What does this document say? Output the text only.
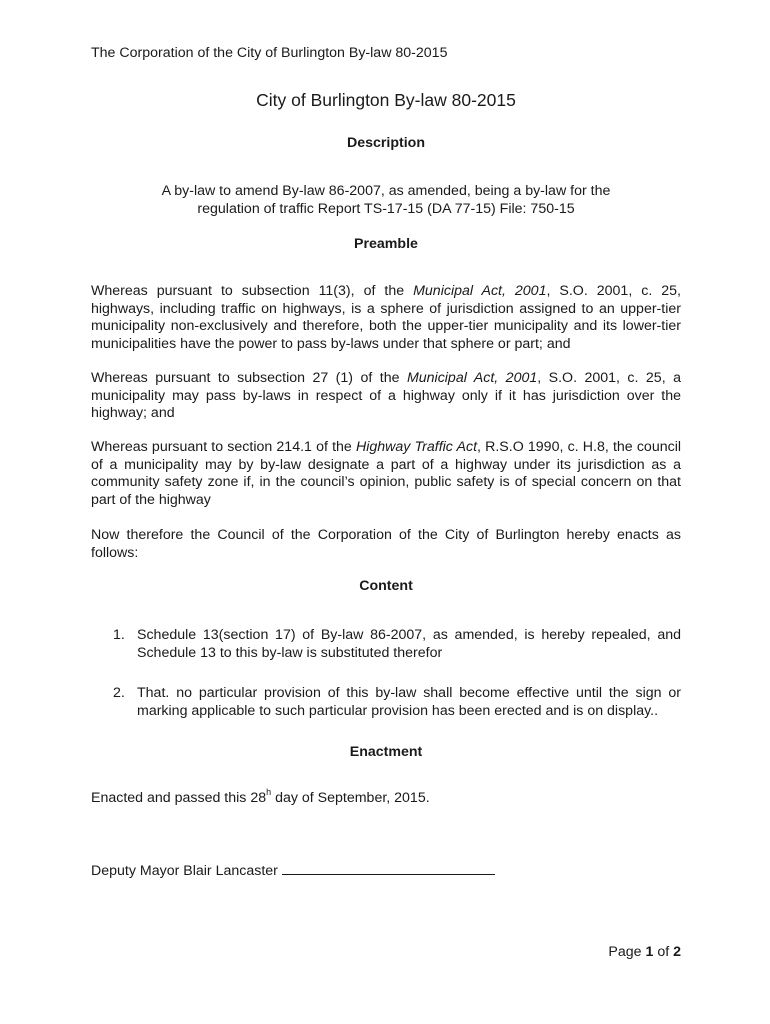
The Corporation of the City of Burlington By-law 80-2015
City of Burlington By-law 80-2015
Description
A by-law to amend By-law 86-2007, as amended, being a by-law for the
regulation of traffic Report TS-17-15 (DA 77-15) File: 750-15
Preamble
Whereas pursuant to subsection 11(3), of the Municipal Act, 2001, S.O. 2001, c. 25, highways, including traffic on highways, is a sphere of jurisdiction assigned to an upper-tier municipality non-exclusively and therefore, both the upper-tier municipality and its lower-tier municipalities have the power to pass by-laws under that sphere or part; and
Whereas pursuant to subsection 27 (1) of the Municipal Act, 2001, S.O. 2001, c. 25, a municipality may pass by-laws in respect of a highway only if it has jurisdiction over the highway; and
Whereas pursuant to section 214.1 of the Highway Traffic Act, R.S.O 1990, c. H.8, the council of a municipality may by by-law designate a part of a highway under its jurisdiction as a community safety zone if, in the council’s opinion, public safety is of special concern on that part of the highway
Now therefore the Council of the Corporation of the City of Burlington hereby enacts as follows:
Content
1. Schedule 13(section 17) of By-law 86-2007, as amended, is hereby repealed, and Schedule 13 to this by-law is substituted therefor
2. That. no particular provision of this by-law shall become effective until the sign or marking applicable to such particular provision has been erected and is on display..
Enactment
Enacted and passed this 28$^h$ day of September, 2015.
Deputy Mayor Blair Lancaster
Page 1 of 2
